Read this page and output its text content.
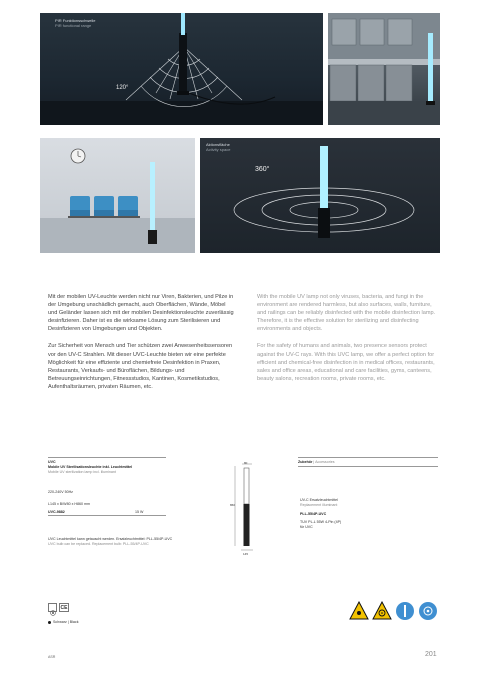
PIR Funktionsschwelle
PIR functional range
120°
Aktionsfläche
Activity space
360°

Mit der mobilen UV-Leuchte werden nicht nur Viren, Bakterien, und Pilze in der Umgebung unschädlich gemacht, auch Oberflächen, Wände, Möbel und Geländer lassen sich mit der mobilen Desinfektionsleuchte zuverlässig desinfizieren. Daher ist es die wirksame Lösung zum Sterilisieren und Desinfizieren von Umgebungen und Objekten.

Zur Sicherheit von Mensch und Tier schützen zwei Anwesenheitssensoren vor den UV-C Strahlen. Mit dieser UVC-Leuchte bieten wir eine perfekte Möglichkeit für eine effiziente und chemiefreie Desinfektion in Praxen, Restaurants, Verkaufs- und Büroflächen, Bildungs- und Betreuungseinrichtungen, Fitnessstudios, Kantinen, Kosmetikstudios, Aufenthaltsräumen, privaten Räumen, etc.

With the mobile UV lamp not only viruses, bacteria, and fungi in the environment are rendered harmless, but also surfaces, walls, furniture, and railings can be reliably disinfected with the mobile disinfection lamp. Therefore, it is the effective solution for sterilizing and disinfecting environments and objects.

For the safety of humans and animals, two presence sensors protect against the UV-C rays. With this UVC lamp, we offer a perfect option for efficient and chemical-free disinfection in in medical offices, restaurants, sales and office areas, educational and care facilities, gyms, canteens, beauty salons, recreation rooms, private rooms, etc.

UVC
Mobile UV Sterilisationsleuchte inkl. Leuchtmittel
Mobile UV sterilization lamp incl. illuminant
220-240V 50Hz
L145 x B/W80 x H860 mm
UVC-9882	15 W
UVC Leuchtmittel kann getauscht werden. Ersatzleuchtmittel: PLL-55/4P-UVC
UVC bulb can be replaced. Replacement bulb: PLL-55/4P-UVC
80
860
145
Zubehör | Accessories
UV-C Ersatzleuchtmittel
Replacement illuminant
PLL-55/4P-UVC
TUV PL-L 55W 4-Pin (4P)
für UVC
CE
Schwarz | Black
ASR	201
